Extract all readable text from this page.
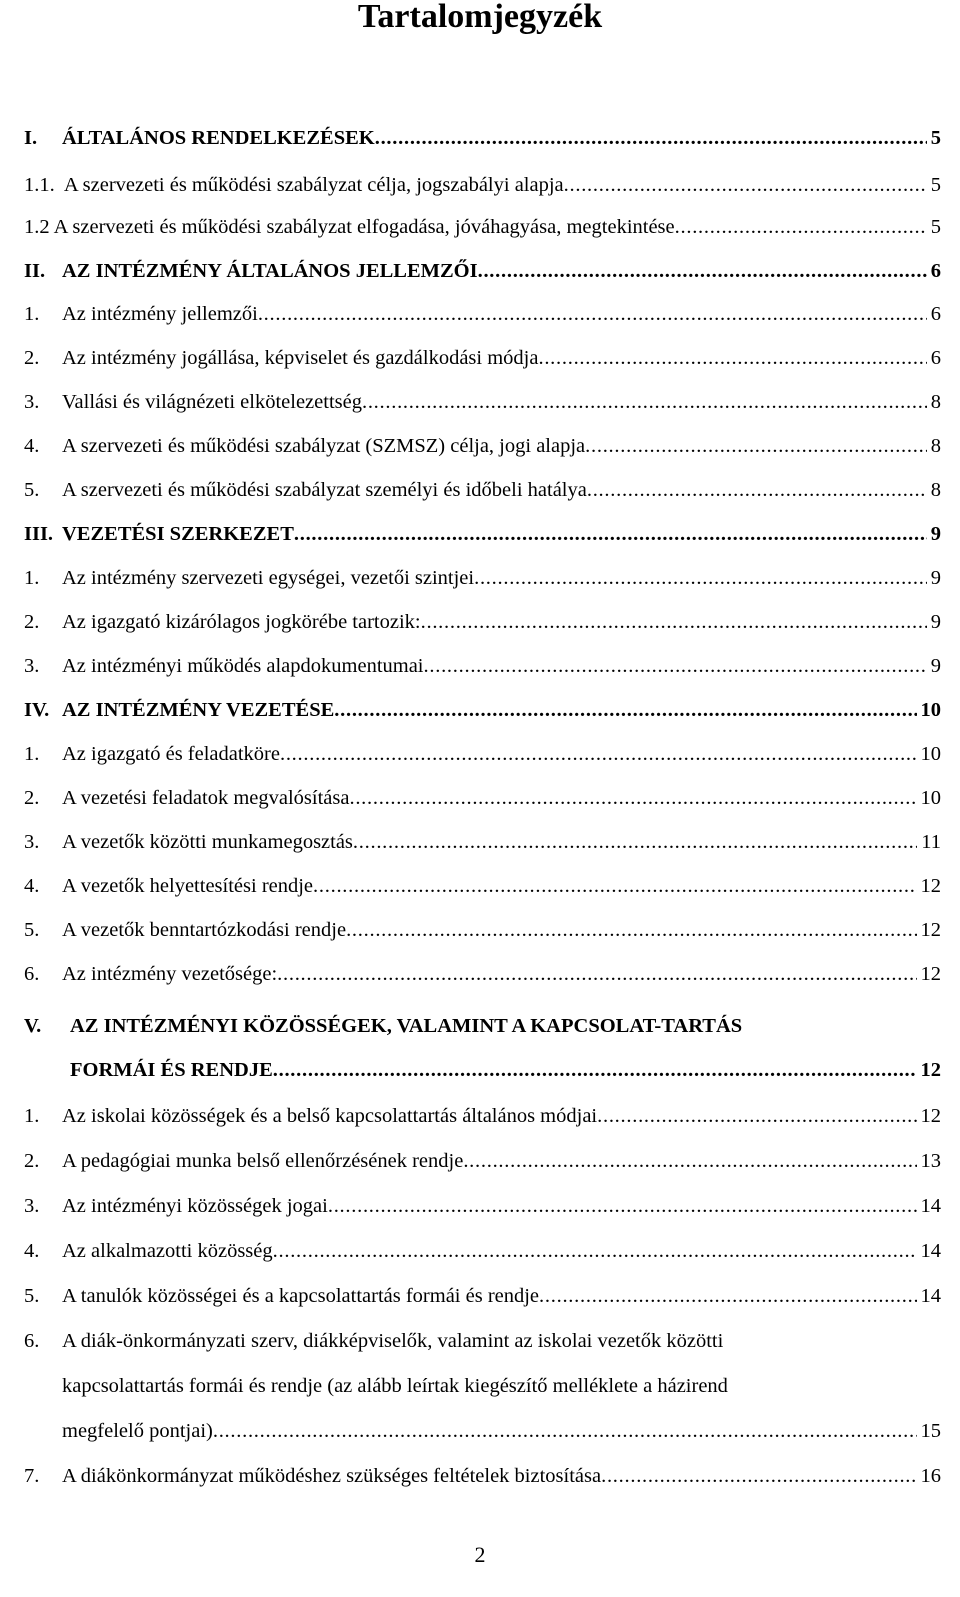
Tartalomjegyzék
I. ÁLTALÁNOS RENDELKEZÉSEK . . .	5
1.1.  A szervezeti és működési szabályzat célja, jogszabályi alapja . . .	5
1.2 A szervezeti és működési szabályzat elfogadása, jóváhagyása, megtekintése . . .	5
II. AZ INTÉZMÉNY ÁLTALÁNOS JELLEMZŐI . . .	6
1. Az intézmény jellemzői . . .	6
2. Az intézmény jogállása, képviselet és gazdálkodási módja . . .	6
3. Vallási és világnézeti elkötelezettség . . .	8
4. A szervezeti és működési szabályzat (SZMSZ) célja, jogi alapja . . .	8
5. A szervezeti és működési szabályzat személyi és időbeli hatálya . . .	8
III. VEZETÉSI SZERKEZET . . .	9
1. Az intézmény szervezeti egységei, vezetői szintjei . . .	9
2. Az igazgató kizárólagos jogkörébe tartozik: . . .	9
3. Az intézményi működés alapdokumentumai . . .	9
IV. AZ INTÉZMÉNY VEZETÉSE . . .	10
1. Az igazgató és feladatköre . . .	10
2. A vezetési feladatok megvalósítása . . .	10
3. A vezetők közötti munkamegosztás . . .	11
4. A vezetők helyettesítési rendje . . .	12
5. A vezetők benntartózkodási rendje . . .	12
6. Az intézmény vezetősége: . . .	12
V. AZ INTÉZMÉNYI KÖZÖSSÉGEK, VALAMINT A KAPCSOLAT-TARTÁS
FORMÁI ÉS RENDJE . . .	12
1. Az iskolai közösségek és a belső kapcsolattartás általános módjai . . .	12
2. A pedagógiai munka belső ellenőrzésének rendje . . .	13
3. Az intézményi közösségek jogai . . .	14
4. Az alkalmazotti közösség . . .	14
5. A tanulók közösségei és a kapcsolattartás formái és rendje . . .	14
6. A diák-önkormányzati szerv, diákképviselők, valamint az iskolai vezetők közötti
kapcsolattartás formái és rendje (az alább leírtak kiegészítő melléklete a házirend
megfelelő pontjai) . . .	15
7. A diákönkormányzat működéshez szükséges feltételek biztosítása . . .	16
2
